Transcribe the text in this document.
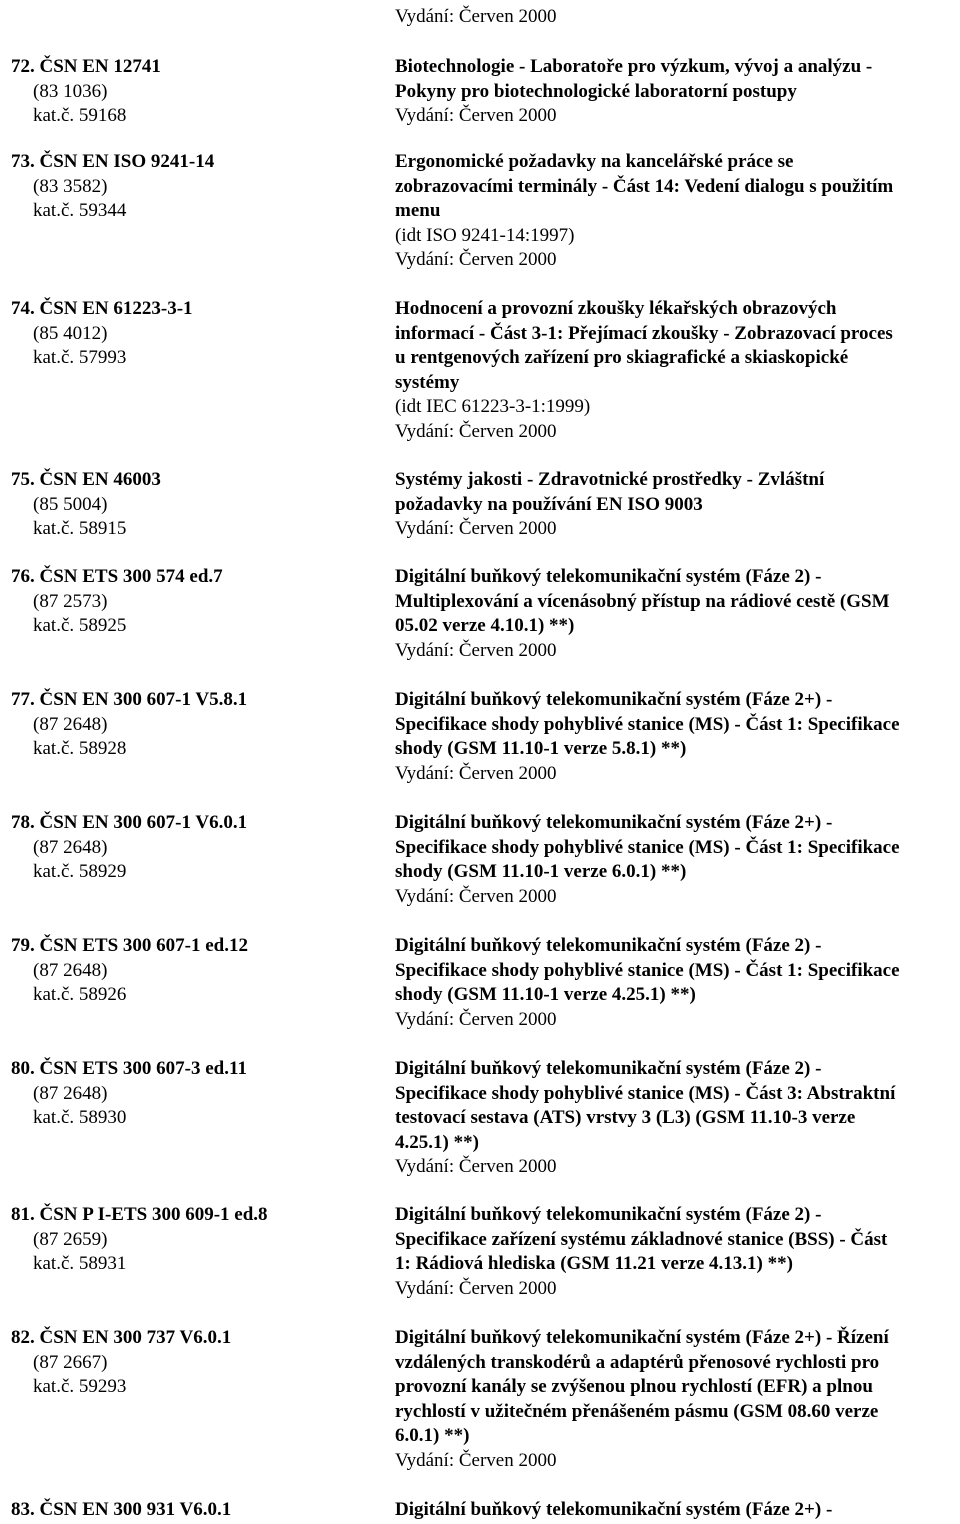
Vydání: Červen 2000
72. ČSN EN 12741
(83 1036)
kat.č. 59168
Biotechnologie - Laboratoře pro výzkum, vývoj a analýzu -
Pokyny pro biotechnologické laboratorní postupy
Vydání: Červen 2000
73. ČSN EN ISO 9241-14
(83 3582)
kat.č. 59344
Ergonomické požadavky na kancelářské práce se
zobrazovacími terminály - Část 14: Vedení dialogu s použitím
menu
(idt ISO 9241-14:1997)
Vydání: Červen 2000
74. ČSN EN 61223-3-1
(85 4012)
kat.č. 57993
Hodnocení a provozní zkoušky lékařských obrazových
informací - Část 3-1: Přejímací zkoušky - Zobrazovací proces
u rentgenových zařízení pro skiagrafické a skiaskopické
systémy
(idt IEC 61223-3-1:1999)
Vydání: Červen 2000
75. ČSN EN 46003
(85 5004)
kat.č. 58915
Systémy jakosti - Zdravotnické prostředky - Zvláštní
požadavky na používání EN ISO 9003
Vydání: Červen 2000
76. ČSN ETS 300 574 ed.7
(87 2573)
kat.č. 58925
Digitální buňkový telekomunikační systém (Fáze 2) -
Multiplexování a vícenásobný přístup na rádiové cestě (GSM
05.02 verze 4.10.1) **)
Vydání: Červen 2000
77. ČSN EN 300 607-1 V5.8.1
(87 2648)
kat.č. 58928
Digitální buňkový telekomunikační systém (Fáze 2+) -
Specifikace shody pohyblivé stanice (MS) - Část 1: Specifikace
shody (GSM 11.10-1 verze 5.8.1) **)
Vydání: Červen 2000
78. ČSN EN 300 607-1 V6.0.1
(87 2648)
kat.č. 58929
Digitální buňkový telekomunikační systém (Fáze 2+) -
Specifikace shody pohyblivé stanice (MS) - Část 1: Specifikace
shody (GSM 11.10-1 verze 6.0.1) **)
Vydání: Červen 2000
79. ČSN ETS 300 607-1 ed.12
(87 2648)
kat.č. 58926
Digitální buňkový telekomunikační systém (Fáze 2) -
Specifikace shody pohyblivé stanice (MS) - Část 1: Specifikace
shody (GSM 11.10-1 verze 4.25.1) **)
Vydání: Červen 2000
80. ČSN ETS 300 607-3 ed.11
(87 2648)
kat.č. 58930
Digitální buňkový telekomunikační systém (Fáze 2) -
Specifikace shody pohyblivé stanice (MS) - Část 3: Abstraktní
testovací sestava (ATS) vrstvy 3 (L3) (GSM 11.10-3 verze
4.25.1) **)
Vydání: Červen 2000
81. ČSN P I-ETS 300 609-1 ed.8
(87 2659)
kat.č. 58931
Digitální buňkový telekomunikační systém (Fáze 2) -
Specifikace zařízení systému základnové stanice (BSS) - Část
1: Rádiová hlediska (GSM 11.21 verze 4.13.1) **)
Vydání: Červen 2000
82. ČSN EN 300 737 V6.0.1
(87 2667)
kat.č. 59293
Digitální buňkový telekomunikační systém (Fáze 2+) - Řízení
vzdálených transkodérů a adaptérů přenosové rychlosti pro
provozní kanály se zvýšenou plnou rychlostí (EFR) a plnou
rychlostí v užitečném přenášeném pásmu (GSM 08.60 verze
6.0.1) **)
Vydání: Červen 2000
83. ČSN EN 300 931 V6.0.1	Digitální buňkový telekomunikační systém (Fáze 2+) -
